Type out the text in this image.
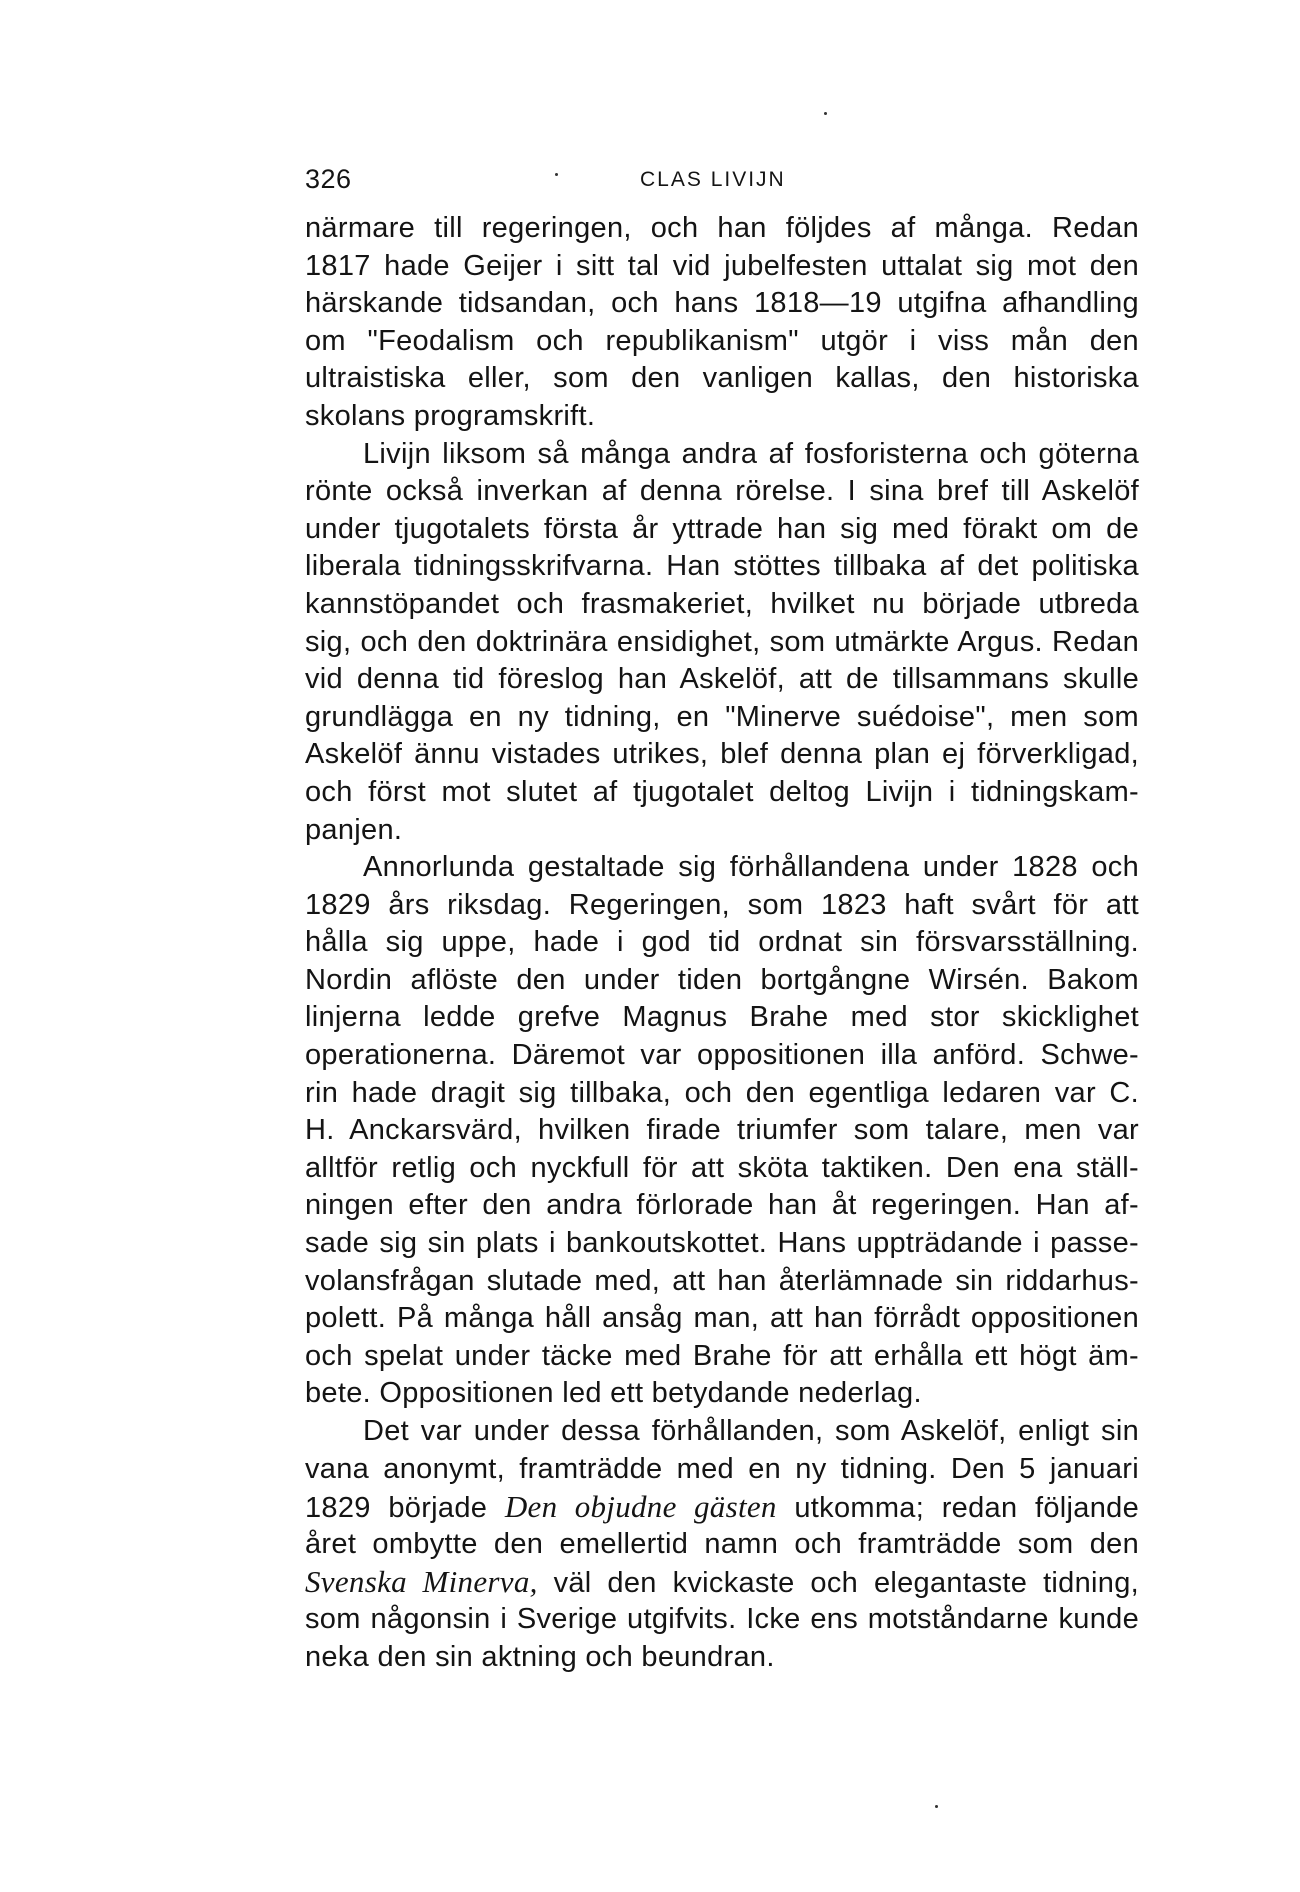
326	CLAS LIVIJN
närmare till regeringen, och han följdes af många. Redan
1817 hade Geijer i sitt tal vid jubelfesten uttalat sig mot den
härskande tidsandan, och hans 1818—19 utgifna afhandling
om "Feodalism och republikanism" utgör i viss mån den
ultraistiska eller, som den vanligen kallas, den historiska
skolans programskrift.
Livijn liksom så många andra af fosforisterna och göterna
rönte också inverkan af denna rörelse. I sina bref till Askelöf
under tjugotalets första år yttrade han sig med förakt om de
liberala tidningsskrifvarna. Han stöttes tillbaka af det politiska
kannstöpandet och frasmakeriet, hvilket nu började utbreda
sig, och den doktrinära ensidighet, som utmärkte Argus. Redan
vid denna tid föreslog han Askelöf, att de tillsammans skulle
grundlägga en ny tidning, en "Minerve suédoise", men som
Askelöf ännu vistades utrikes, blef denna plan ej förverkligad,
och först mot slutet af tjugotalet deltog Livijn i tidningskam-
panjen.
Annorlunda gestaltade sig förhållandena under 1828 och
1829 års riksdag. Regeringen, som 1823 haft svårt för att
hålla sig uppe, hade i god tid ordnat sin försvarsställning.
Nordin aflöste den under tiden bortgångne Wirsén. Bakom
linjerna ledde grefve Magnus Brahe med stor skicklighet
operationerna. Däremot var oppositionen illa anförd. Schwe-
rin hade dragit sig tillbaka, och den egentliga ledaren var C.
H. Anckarsvärd, hvilken firade triumfer som talare, men var
alltför retlig och nyckfull för att sköta taktiken. Den ena ställ-
ningen efter den andra förlorade han åt regeringen. Han af-
sade sig sin plats i bankoutskottet. Hans uppträdande i passe-
volansfrågan slutade med, att han återlämnade sin riddarhus-
polett. På många håll ansåg man, att han förrådt oppositionen
och spelat under täcke med Brahe för att erhålla ett högt äm-
bete. Oppositionen led ett betydande nederlag.
Det var under dessa förhållanden, som Askelöf, enligt sin
vana anonymt, framträdde med en ny tidning. Den 5 januari
1829 började Den objudne gästen utkomma; redan följande
året ombytte den emellertid namn och framträdde som den
Svenska Minerva, väl den kvickaste och elegantaste tidning,
som någonsin i Sverige utgifvits. Icke ens motståndarne kunde
neka den sin aktning och beundran.
